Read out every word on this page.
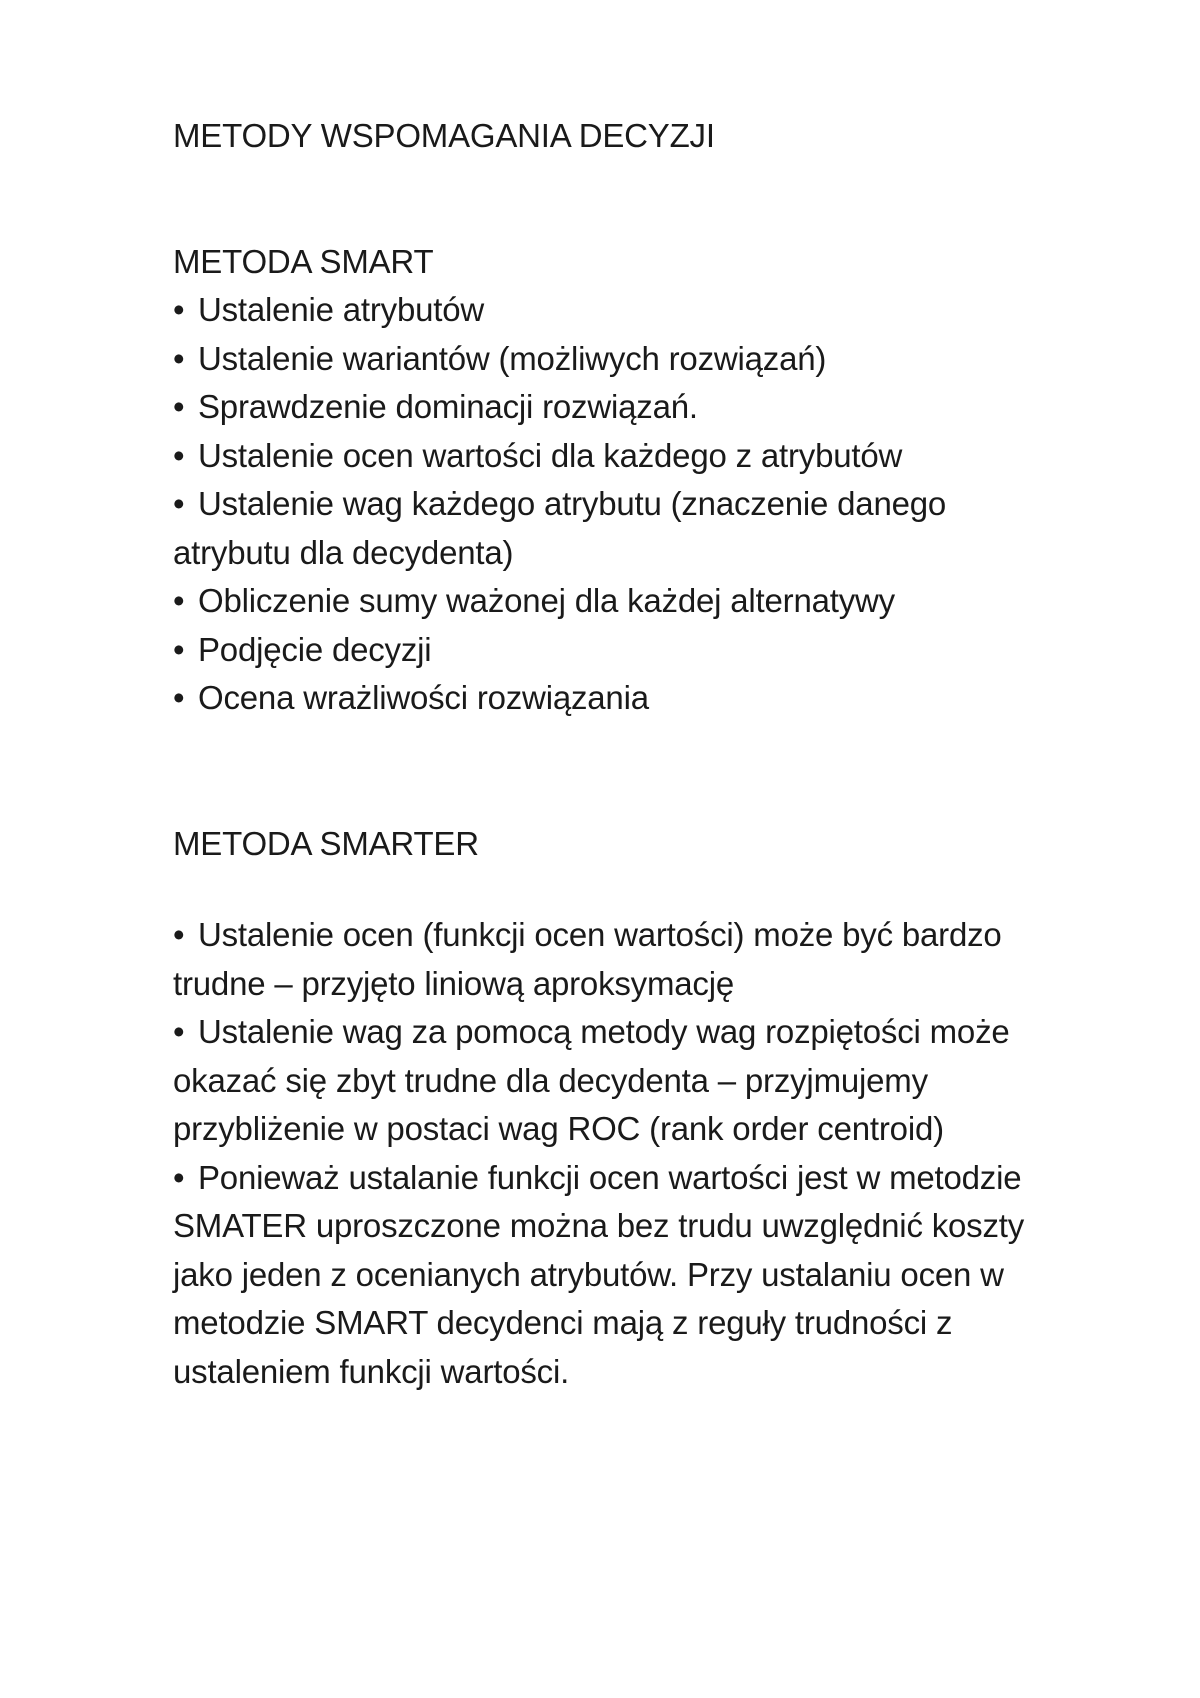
METODY WSPOMAGANIA DECYZJI
METODA SMART
• Ustalenie atrybutów
• Ustalenie wariantów (możliwych rozwiązań)
• Sprawdzenie dominacji rozwiązań.
• Ustalenie ocen wartości dla każdego z atrybutów
• Ustalenie wag każdego atrybutu (znaczenie danego atrybutu dla decydenta)
• Obliczenie sumy ważonej dla każdej alternatywy
• Podjęcie decyzji
• Ocena wrażliwości rozwiązania
METODA SMARTER
• Ustalenie ocen (funkcji ocen wartości) może być bardzo trudne – przyjęto liniową aproksymację
• Ustalenie wag za pomocą metody wag rozpiętości może okazać się zbyt trudne dla decydenta – przyjmujemy przybliżenie w postaci wag ROC (rank order centroid)
• Ponieważ ustalanie funkcji ocen wartości jest w metodzie SMATER uproszczone można bez trudu uwzględnić koszty jako jeden z ocenianych atrybutów. Przy ustalaniu ocen w metodzie SMART decydenci mają z reguły trudności z ustaleniem funkcji wartości.
